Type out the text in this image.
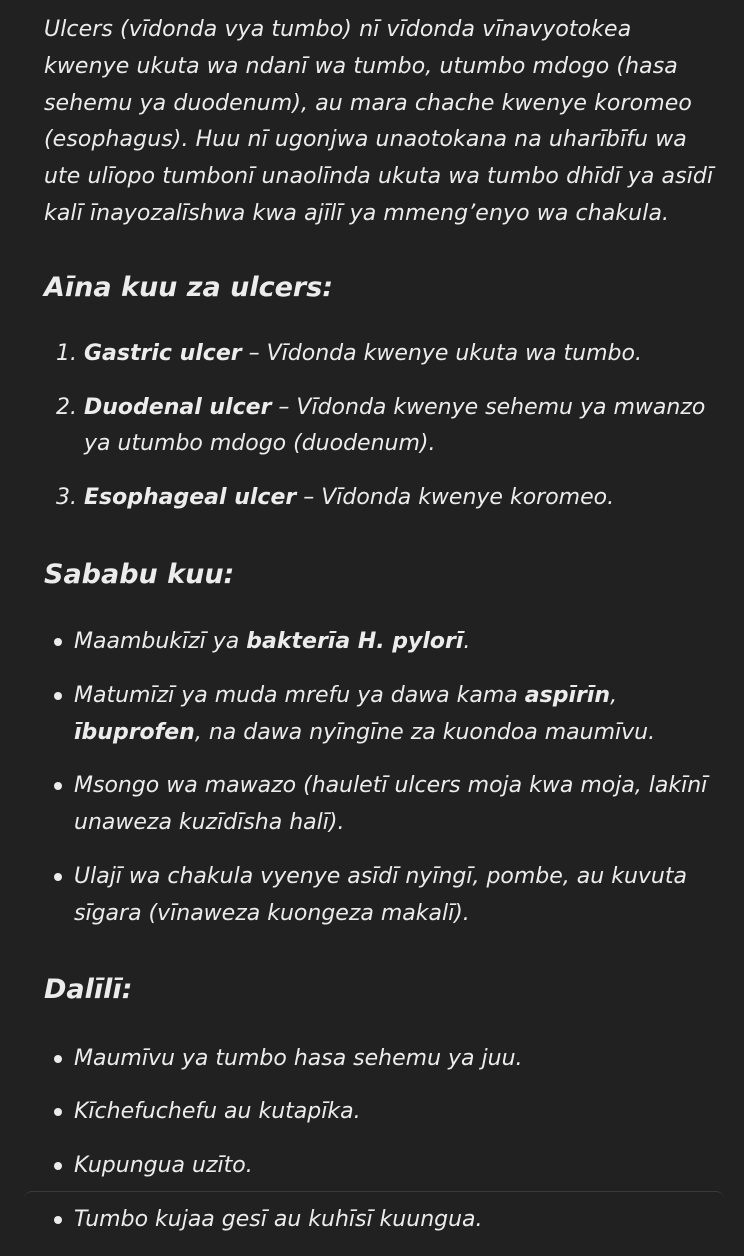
Ulcers (vīdonda vya tumbo) nī vīdonda vīnavyotokea kwenye ukuta wa ndanī wa tumbo, utumbo mdogo (hasa sehemu ya duodenum), au mara chache kwenye koromeo (esophagus). Huu nī ugonjwa unaotokana na uharībīfu wa ute ulīopo tumbonī unaolīnda ukuta wa tumbo dhīdī ya asīdī kalī īnayozalīshwa kwa ajīlī ya mmeng’enyo wa chakula.

Aīna kuu za ulcers:
1. Gastric ulcer – Vīdonda kwenye ukuta wa tumbo.
2. Duodenal ulcer – Vīdonda kwenye sehemu ya mwanzo ya utumbo mdogo (duodenum).
3. Esophageal ulcer – Vīdonda kwenye koromeo.
Sababu kuu:
Maambukīzī ya bakterīa H. pylorī.
Matumīzī ya muda mrefu ya dawa kama aspīrīn, ībuprofen, na dawa nyīngīne za kuondoa maumīvu.
Msongo wa mawazo (hauletī ulcers moja kwa moja, lakīnī unaweza kuzīdīsha halī).
Ulajī wa chakula vyenye asīdī nyīngī, pombe, au kuvuta sīgara (vīnaweza kuongeza makalī).
Dalīlī:
Maumīvu ya tumbo hasa sehemu ya juu.
Kīchefuchefu au kutapīka.
Kupungua uzīto.
Tumbo kujaa gesī au kuhīsī kuungua.
